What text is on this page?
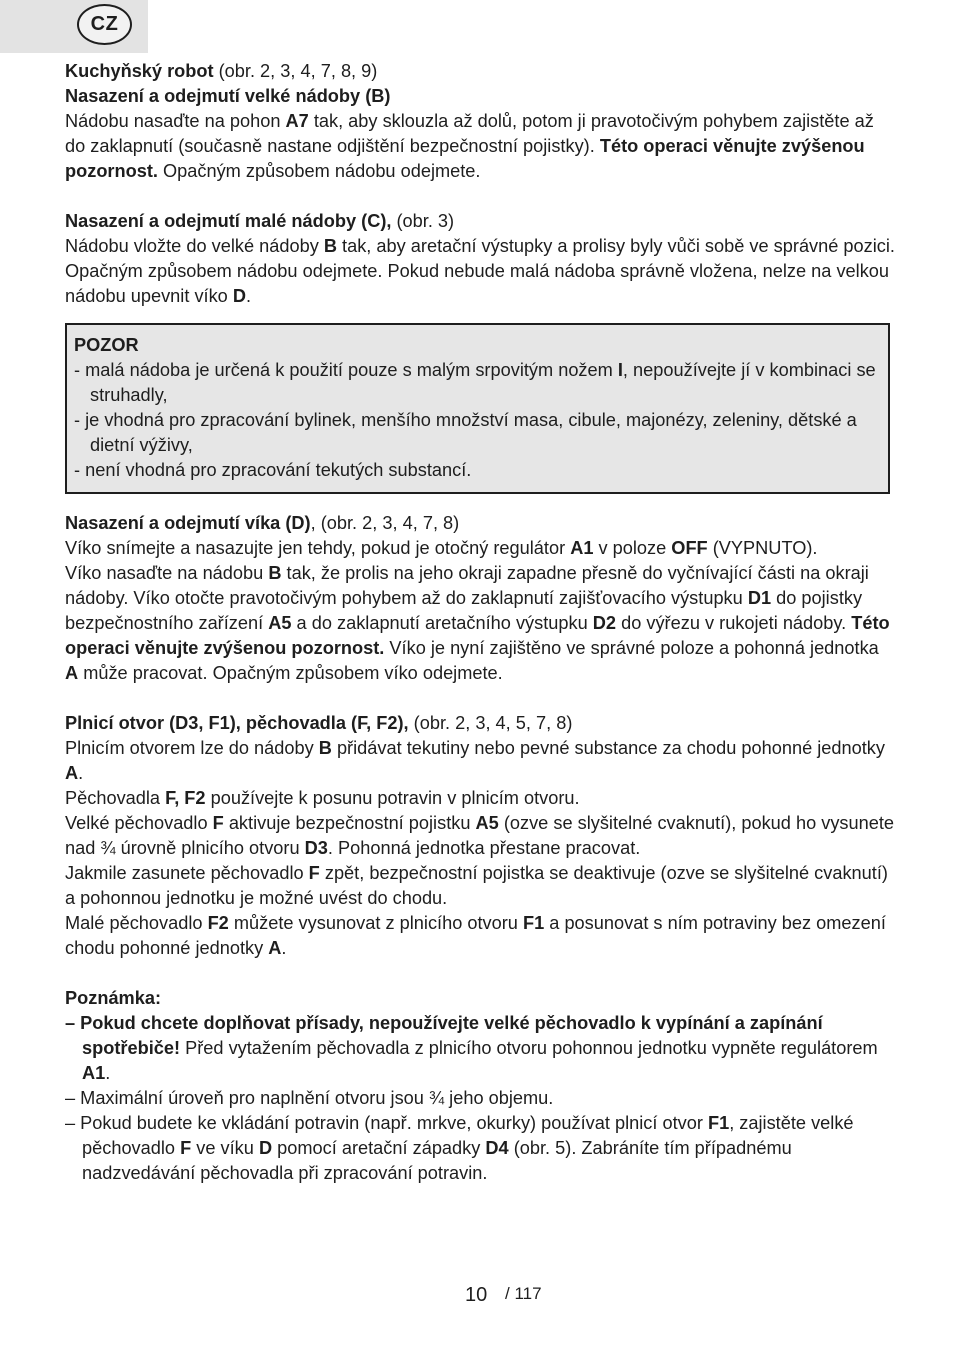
CZ

Kuchyňský robot (obr. 2, 3, 4, 7, 8, 9)

Nasazení a odejmutí velké nádoby (B)

Nádobu nasaďte na pohon A7 tak, aby sklouzla až dolů, potom ji pravotočivým pohybem zajistěte až do zaklapnutí (současně nastane odjištění bezpečnostní pojistky). Této operaci věnujte zvýšenou pozornost. Opačným způsobem nádobu odejmete.

Nasazení a odejmutí malé nádoby (C), (obr. 3)

Nádobu vložte do velké nádoby B tak, aby aretační výstupky a prolisy byly vůči sobě ve správné pozici. Opačným způsobem nádobu odejmete. Pokud nebude malá nádoba správně vložena, nelze na velkou nádobu upevnit víko D.

POZOR

- malá nádoba je určená k použití pouze s malým srpovitým nožem I, nepoužívejte jí v kombinaci se struhadly,

- je vhodná pro zpracování bylinek, menšího množství masa, cibule, majonézy, zeleniny, dětské a dietní výživy,

- není vhodná pro zpracování tekutých substancí.

Nasazení a odejmutí víka (D), (obr. 2, 3, 4, 7, 8)

Víko snímejte a nasazujte jen tehdy, pokud je otočný regulátor A1 v poloze OFF (VYPNUTO).

Víko nasaďte na nádobu B tak, že prolis na jeho okraji zapadne přesně do vyčnívající části na okraji nádoby. Víko otočte pravotočivým pohybem až do zaklapnutí zajišťovacího výstupku D1 do pojistky bezpečnostního zařízení A5 a do zaklapnutí aretačního výstupku D2 do výřezu v rukojeti nádoby. Této operaci věnujte zvýšenou pozornost. Víko je nyní zajištěno ve správné poloze a pohonná jednotka A může pracovat. Opačným způsobem víko odejmete.

Plnicí otvor (D3, F1), pěchovadla (F, F2), (obr. 2, 3, 4, 5, 7, 8)

Plnicím otvorem lze do nádoby B přidávat tekutiny nebo pevné substance za chodu pohonné jednotky A.

Pěchovadla F, F2 používejte k posunu potravin v plnicím otvoru.

Velké pěchovadlo F aktivuje bezpečnostní pojistku A5 (ozve se slyšitelné cvaknutí), pokud ho vysunete nad ¾ úrovně plnicího otvoru D3. Pohonná jednotka přestane pracovat.

Jakmile zasunete pěchovadlo F zpět, bezpečnostní pojistka se deaktivuje (ozve se slyšitelné cvaknutí) a pohonnou jednotku je možné uvést do chodu.

Malé pěchovadlo F2 můžete vysunovat z plnicího otvoru F1 a posunovat s ním potraviny bez omezení chodu pohonné jednotky A.

Poznámka:

– Pokud chcete doplňovat přísady, nepoužívejte velké pěchovadlo k vypínání a zapínání spotřebiče! Před vytažením pěchovadla z plnicího otvoru pohonnou jednotku vypněte regulátorem A1.

– Maximální úroveň pro naplnění otvoru jsou ¾ jeho objemu.

– Pokud budete ke vkládání potravin (např. mrkve, okurky) používat plnicí otvor F1, zajistěte velké pěchovadlo F ve víku D pomocí aretační západky D4 (obr. 5). Zabráníte tím případnému nadzvedávání pěchovadla při zpracování potravin.

10 / 117
